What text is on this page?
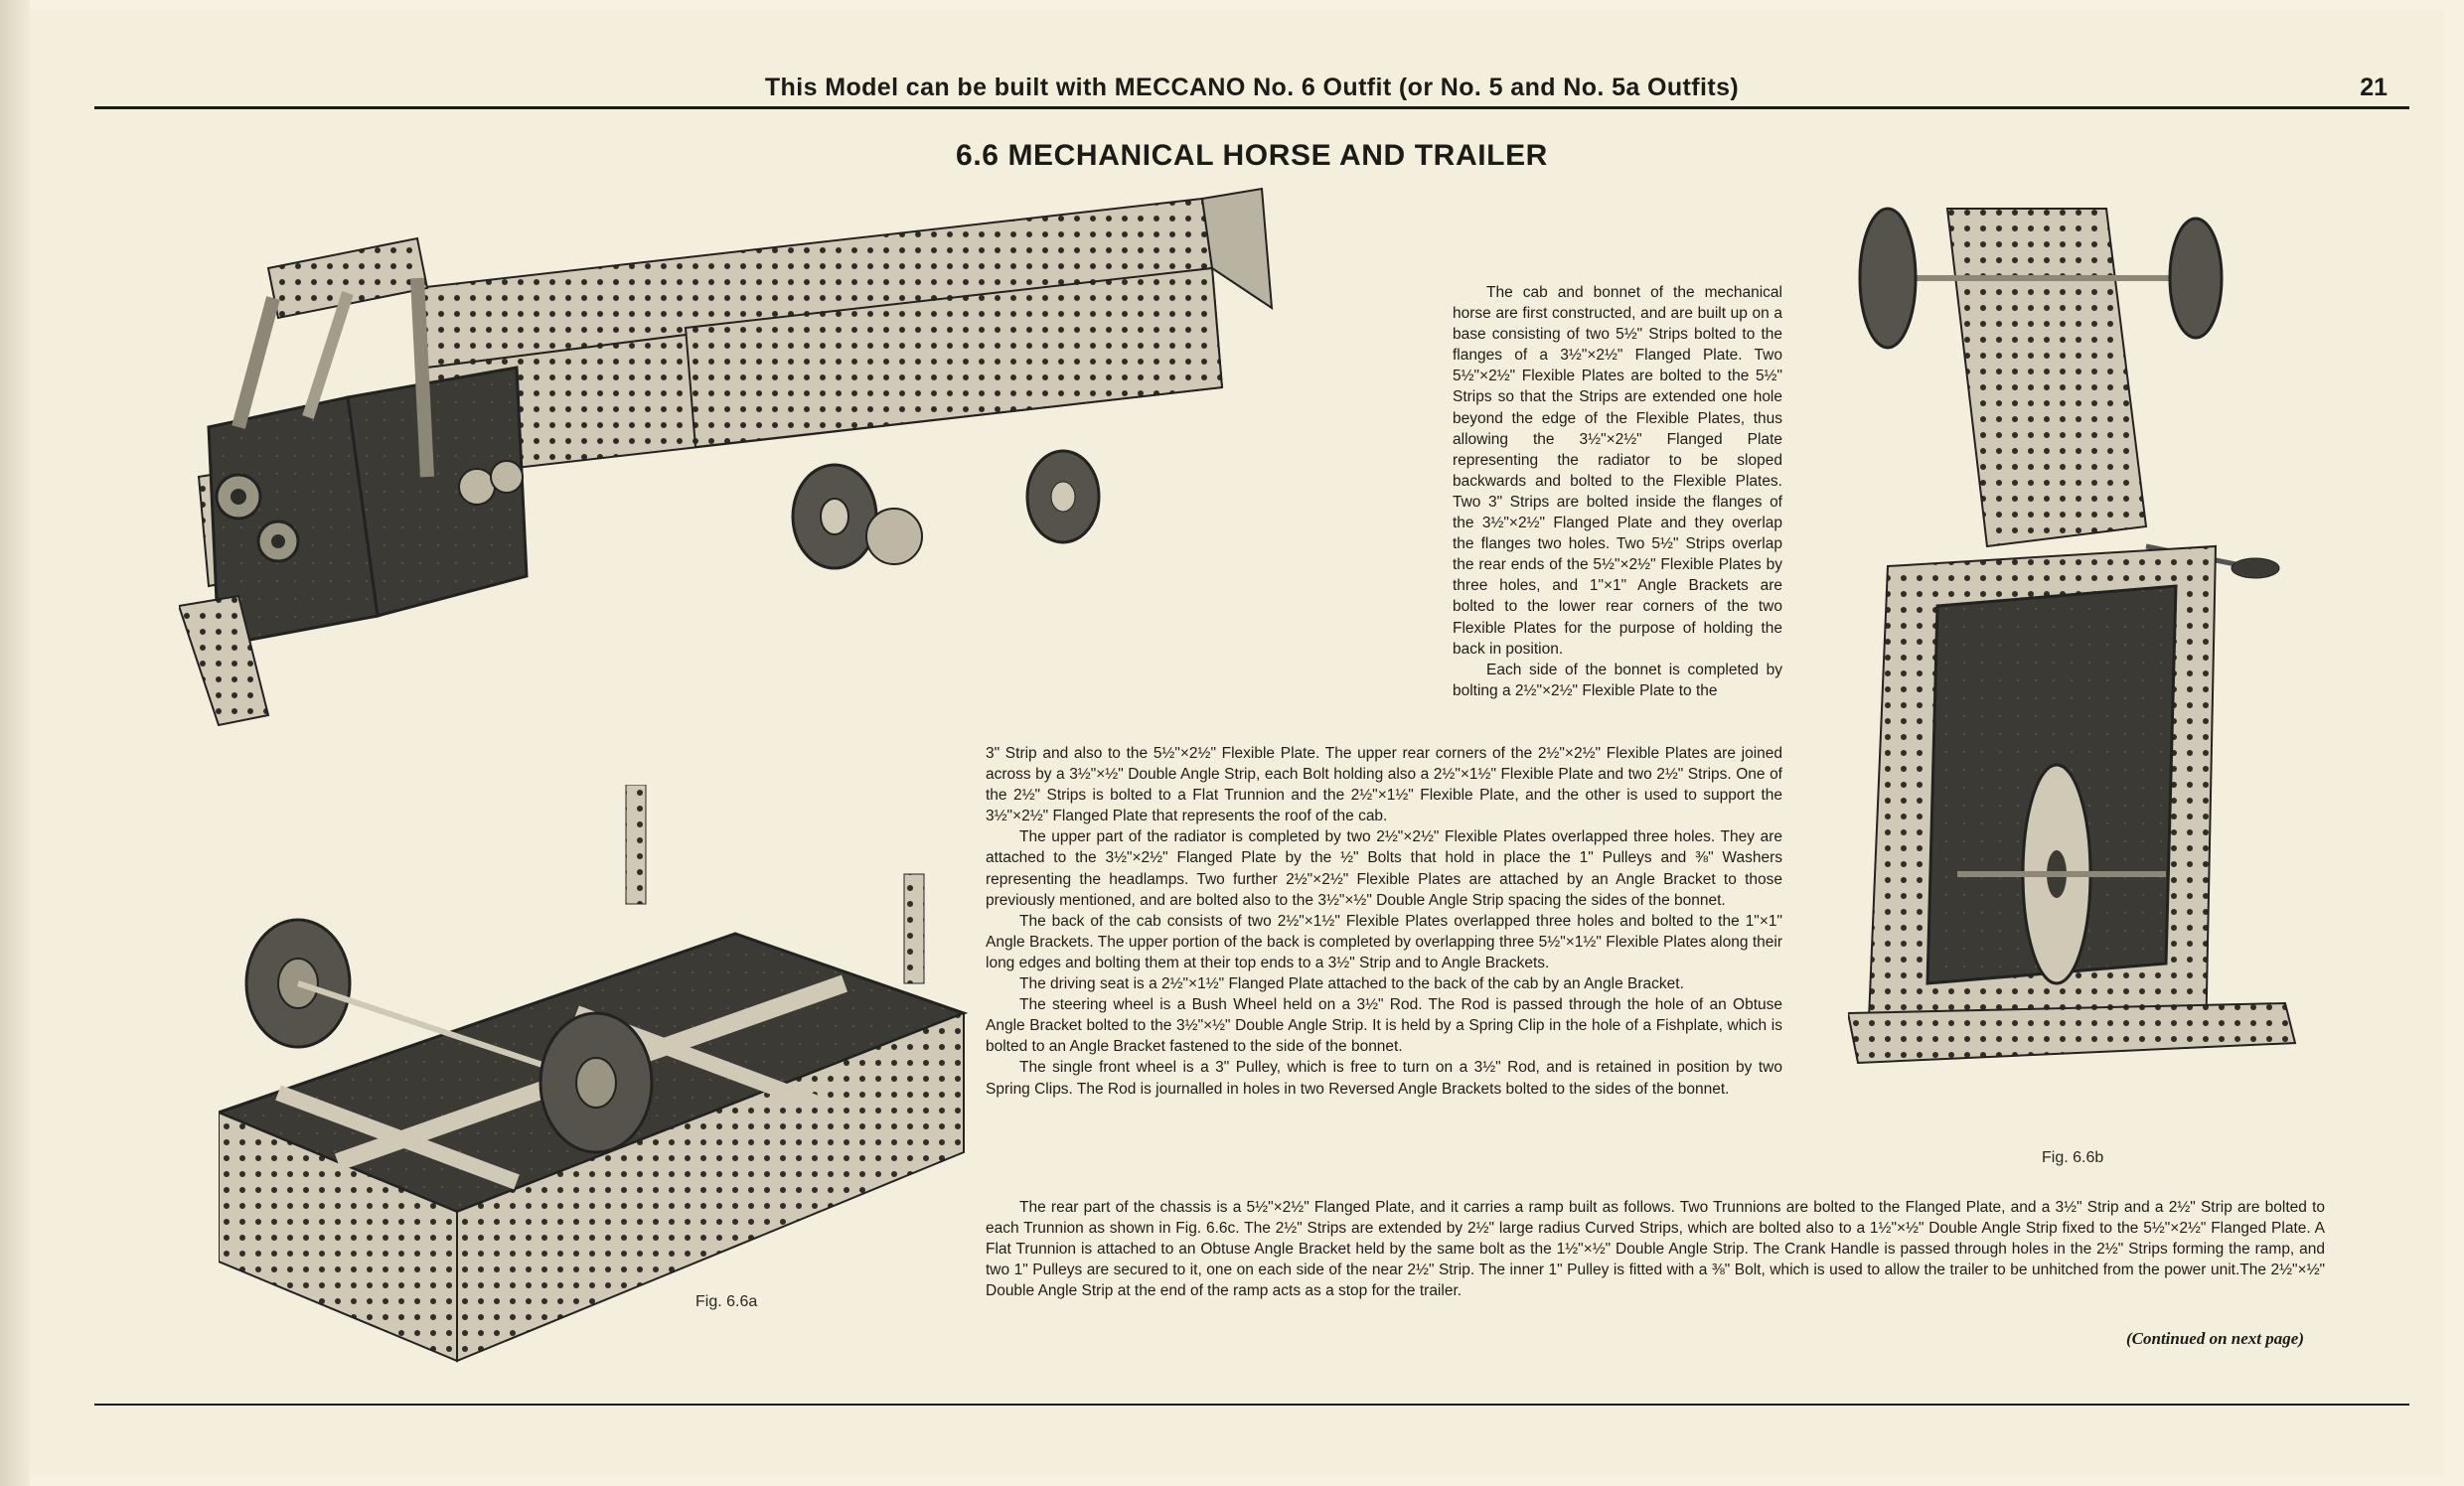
This Model can be built with MECCANO No. 6 Outfit (or No. 5 and No. 5a Outfits)	21
6.6 MECHANICAL HORSE AND TRAILER
Fig. 6.6a
Fig. 6.6b

The cab and bonnet of the mechanical horse are first constructed, and are built up on a base consisting of two 5½" Strips bolted to the flanges of a 3½"×2½" Flanged Plate. Two 5½"×2½" Flexible Plates are bolted to the 5½" Strips so that the Strips are extended one hole beyond the edge of the Flexible Plates, thus allowing the 3½"×2½" Flanged Plate representing the radiator to be sloped backwards and bolted to the Flexible Plates. Two 3" Strips are bolted inside the flanges of the 3½"×2½" Flanged Plate and they overlap the flanges two holes. Two 5½" Strips overlap the rear ends of the 5½"×2½" Flexible Plates by three holes, and 1"×1" Angle Brackets are bolted to the lower rear corners of the two Flexible Plates for the purpose of holding the back in position.

Each side of the bonnet is completed by bolting a 2½"×2½" Flexible Plate to the

3" Strip and also to the 5½"×2½" Flexible Plate. The upper rear corners of the 2½"×2½" Flexible Plates are joined across by a 3½"×½" Double Angle Strip, each Bolt holding also a 2½"×1½" Flexible Plate and two 2½" Strips. One of the 2½" Strips is bolted to a Flat Trunnion and the 2½"×1½" Flexible Plate, and the other is used to support the 3½"×2½" Flanged Plate that represents the roof of the cab.

The upper part of the radiator is completed by two 2½"×2½" Flexible Plates overlapped three holes. They are attached to the 3½"×2½" Flanged Plate by the ½" Bolts that hold in place the 1" Pulleys and ⅜" Washers representing the headlamps. Two further 2½"×2½" Flexible Plates are attached by an Angle Bracket to those previously mentioned, and are bolted also to the 3½"×½" Double Angle Strip spacing the sides of the bonnet.

The back of the cab consists of two 2½"×1½" Flexible Plates overlapped three holes and bolted to the 1"×1" Angle Brackets. The upper portion of the back is completed by overlapping three 5½"×1½" Flexible Plates along their long edges and bolting them at their top ends to a 3½" Strip and to Angle Brackets.

The driving seat is a 2½"×1½" Flanged Plate attached to the back of the cab by an Angle Bracket.

The steering wheel is a Bush Wheel held on a 3½" Rod. The Rod is passed through the hole of an Obtuse Angle Bracket bolted to the 3½"×½" Double Angle Strip. It is held by a Spring Clip in the hole of a Fishplate, which is bolted to an Angle Bracket fastened to the side of the bonnet.

The single front wheel is a 3" Pulley, which is free to turn on a 3½" Rod, and is retained in position by two Spring Clips. The Rod is journalled in holes in two Reversed Angle Brackets bolted to the sides of the bonnet.

The rear part of the chassis is a 5½"×2½" Flanged Plate, and it carries a ramp built as follows. Two Trunnions are bolted to the Flanged Plate, and a 3½" Strip and a 2½" Strip are bolted to each Trunnion as shown in Fig. 6.6c. The 2½" Strips are extended by 2½" large radius Curved Strips, which are bolted also to a 1½"×½" Double Angle Strip fixed to the 5½"×2½" Flanged Plate. A Flat Trunnion is attached to an Obtuse Angle Bracket held by the same bolt as the 1½"×½" Double Angle Strip. The Crank Handle is passed through holes in the 2½" Strips forming the ramp, and two 1" Pulleys are secured to it, one on each side of the near 2½" Strip. The inner 1" Pulley is fitted with a ⅜" Bolt, which is used to allow the trailer to be unhitched from the power unit.The 2½"×½" Double Angle Strip at the end of the ramp acts as a stop for the trailer.

(Continued on next page)
